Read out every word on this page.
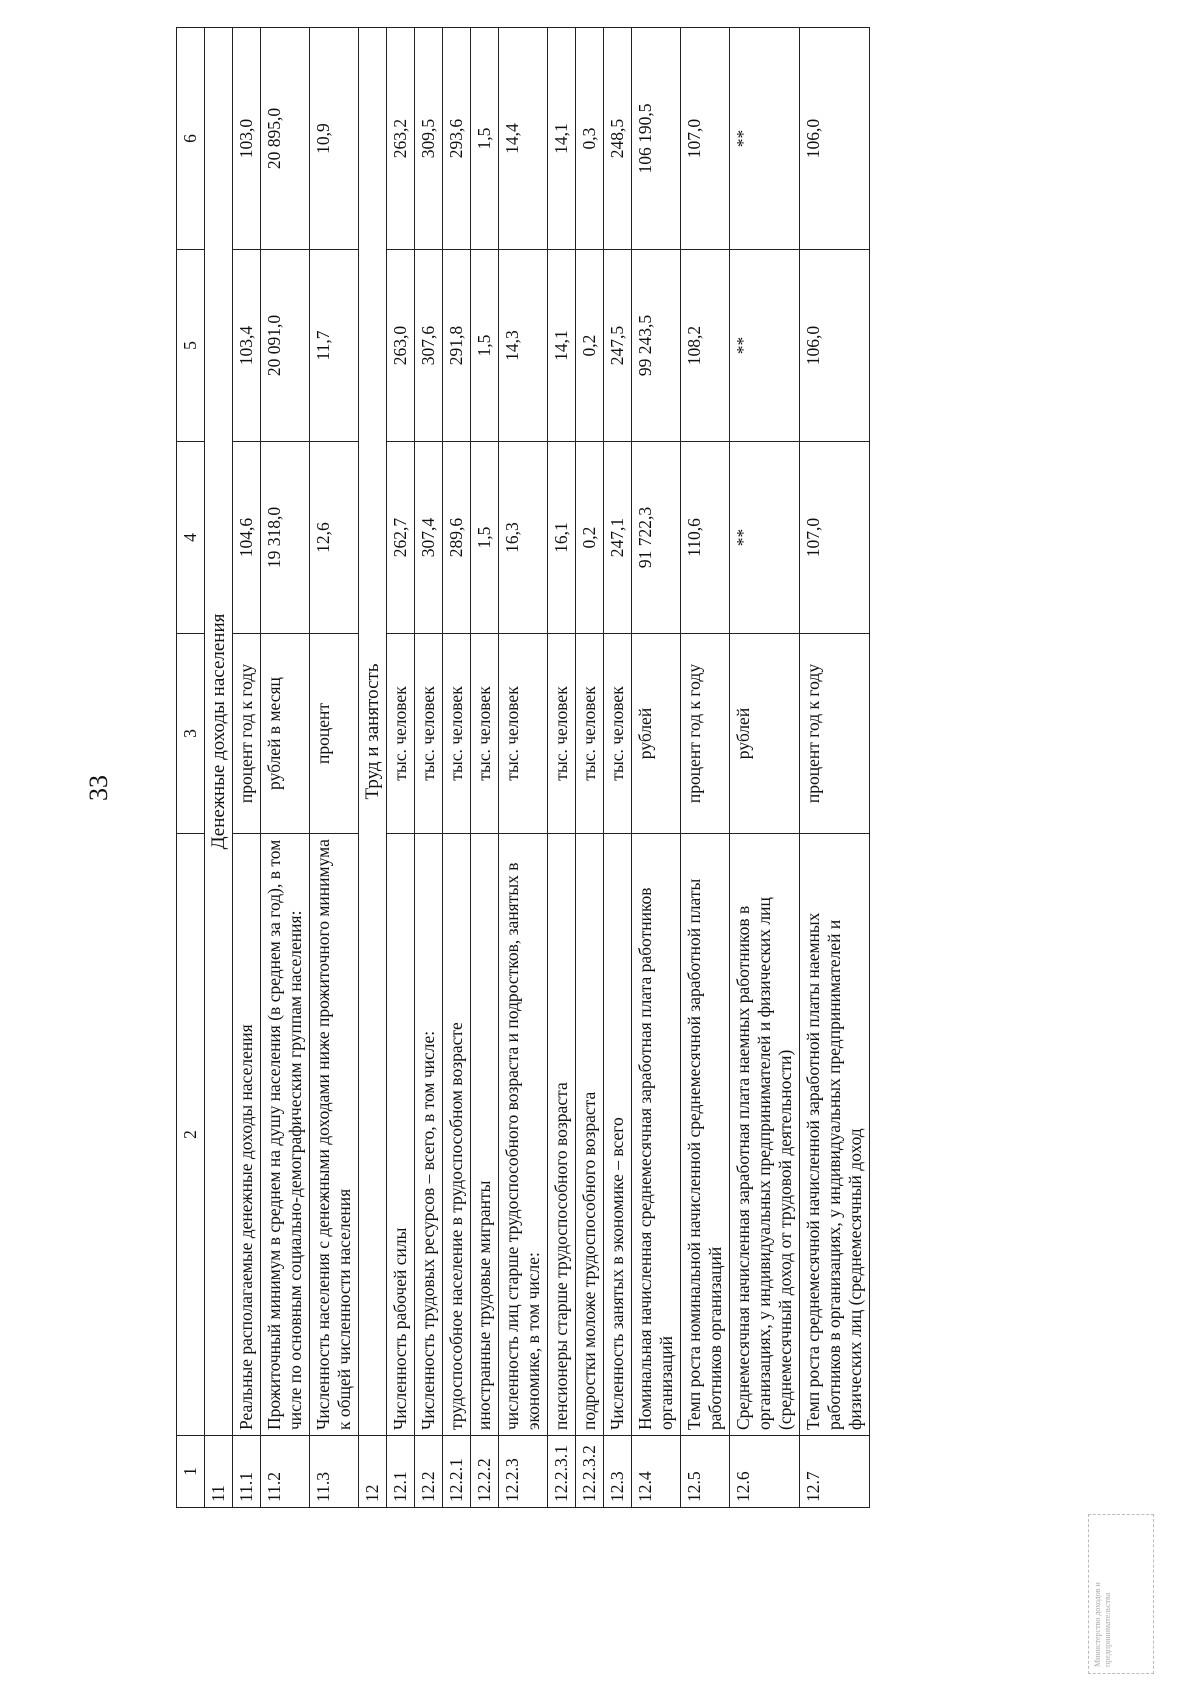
33
1	2	3	4	5	6
11	Денежные доходы населения				
11.1	Реальные располагаемые денежные доходы населения	процент год к году	104,6	103,4	103,0
11.2	Прожиточный минимум в среднем на душу населения (в среднем за год), в том числе по основным социально-демографическим группам населения:	рублей в месяц	19 318,0	20 091,0	20 895,0
11.3	Численность населения с денежными доходами ниже прожиточного минимума к общей численности населения	процент	12,6	11,7	10,9
12	Труд и занятость				
12.1	Численность рабочей силы	тыс. человек	262,7	263,0	263,2
12.2	Численность трудовых ресурсов – всего, в том числе:	тыс. человек	307,4	307,6	309,5
12.2.1	трудоспособное население в трудоспособном возрасте	тыс. человек	289,6	291,8	293,6
12.2.2	иностранные трудовые мигранты	тыс. человек	1,5	1,5	1,5
12.2.3	численность лиц старше трудоспособного возраста и подростков, занятых в экономике, в том числе:	тыс. человек	16,3	14,3	14,4
12.2.3.1	пенсионеры старше трудоспособного возраста	тыс. человек	16,1	14,1	14,1
12.2.3.2	подростки моложе трудоспособного возраста	тыс. человек	0,2	0,2	0,3
12.3	Численность занятых в экономике – всего	тыс. человек	247,1	247,5	248,5
12.4	Номинальная начисленная среднемесячная заработная плата работников организаций	рублей	91 722,3	99 243,5	106 190,5
12.5	Темп роста номинальной начисленной среднемесячной заработной платы работников организаций	процент год к году	110,6	108,2	107,0
12.6	Среднемесячная начисленная заработная плата наемных работников в организациях, у индивидуальных предпринимателей и физических лиц (среднемесячный доход от трудовой деятельности)	рублей	**	**	**
12.7	Темп роста среднемесячной начисленной заработной платы наемных работников в организациях, у индивидуальных предпринимателей и физических лиц (среднемесячный доход	процент год к году	107,0	106,0	106,0
Министерство доходов и предпринимательства
